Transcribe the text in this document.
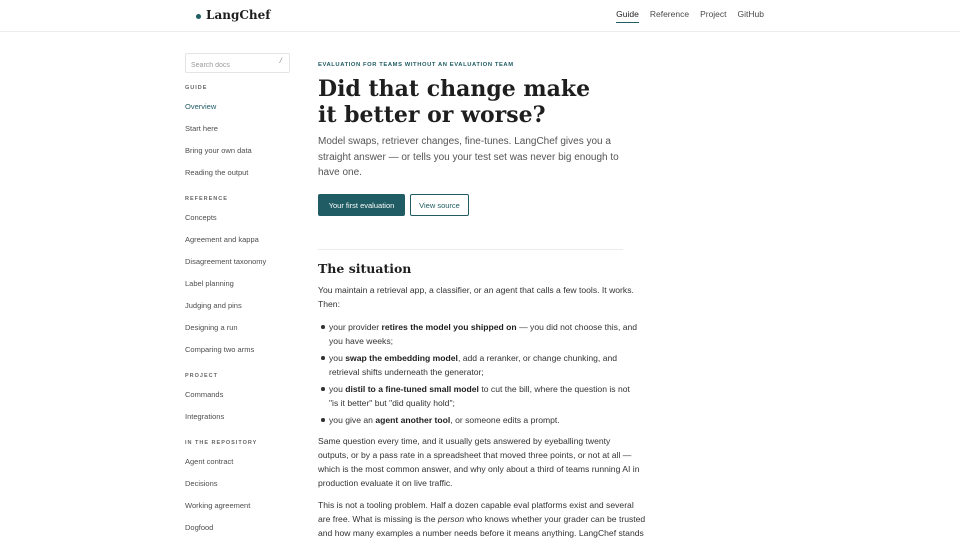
LangChef	Guide Reference Project GitHub
Search docs
/
GUIDE
Overview
Start here
Bring your own data
Reading the output
REFERENCE
Concepts
Agreement and kappa
Disagreement taxonomy
Label planning
Judging and pins
Designing a run
Comparing two arms
PROJECT
Commands
Integrations
IN THE REPOSITORY
Agent contract
Decisions
Working agreement
Dogfood
EVALUATION FOR TEAMS WITHOUT AN EVALUATION TEAM
Did that change make
it better or worse?

Model swaps, retriever changes, fine-tunes. LangChef gives you a
straight answer — or tells you your test set was never big enough to
have one.

Your first evaluation	View source
The situation

You maintain a retrieval app, a classifier, or an agent that calls a few tools. It works.
Then:

your provider retires the model you shipped on — you did not choose this, and
you have weeks;
you swap the embedding model, add a reranker, or change chunking, and
retrieval shifts underneath the generator;
you distil to a fine-tuned small model to cut the bill, where the question is not
"is it better" but "did quality hold";
you give an agent another tool, or someone edits a prompt.

Same question every time, and it usually gets answered by eyeballing twenty
outputs, or by a pass rate in a spreadsheet that moved three points, or not at all —
which is the most common answer, and why only about a third of teams running AI in
production evaluate it on live traffic.

This is not a tooling problem. Half a dozen capable eval platforms exist and several
are free. What is missing is the person who knows whether your grader can be trusted
and how many examples a number needs before it means anything. LangChef stands
